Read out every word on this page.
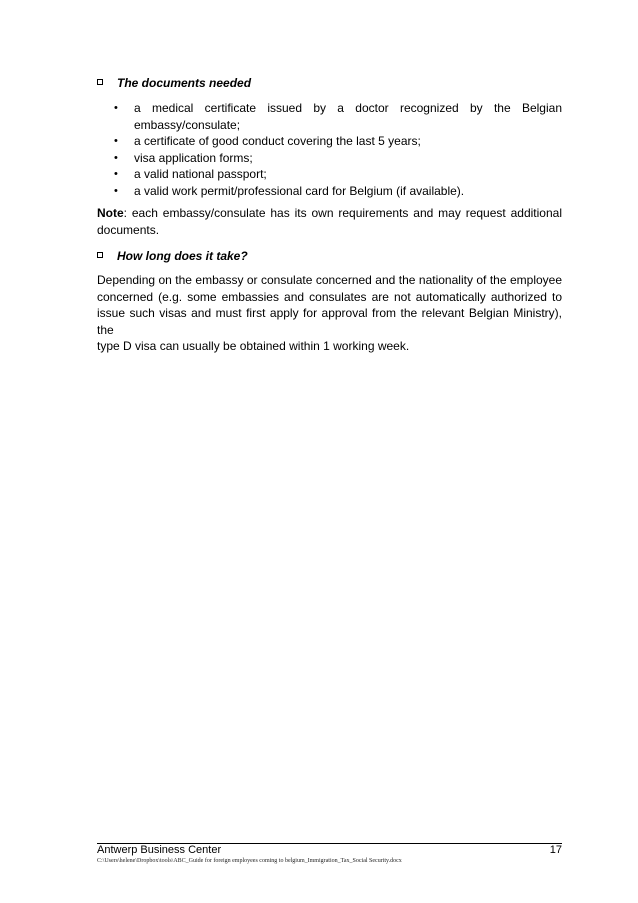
The documents needed
• a medical certificate issued by a doctor recognized by the Belgian
embassy/consulate;
• a certificate of good conduct covering the last 5 years;
• visa application forms;
• a valid national passport;
• a valid work permit/professional card for Belgium (if available).
Note: each embassy/consulate has its own requirements and may request additional
documents.
How long does it take?
Depending on the embassy or consulate concerned and the nationality of the employee
concerned (e.g. some embassies and consulates are not automatically authorized to
issue such visas and must first apply for approval from the relevant Belgian Ministry), the
type D visa can usually be obtained within 1 working week.
Antwerp Business Center	17
C:\Users\helene\Dropbox\tools\ABC_Guide for foreign employees coming to belgium_Immigration_Tax_Social Security.docx
